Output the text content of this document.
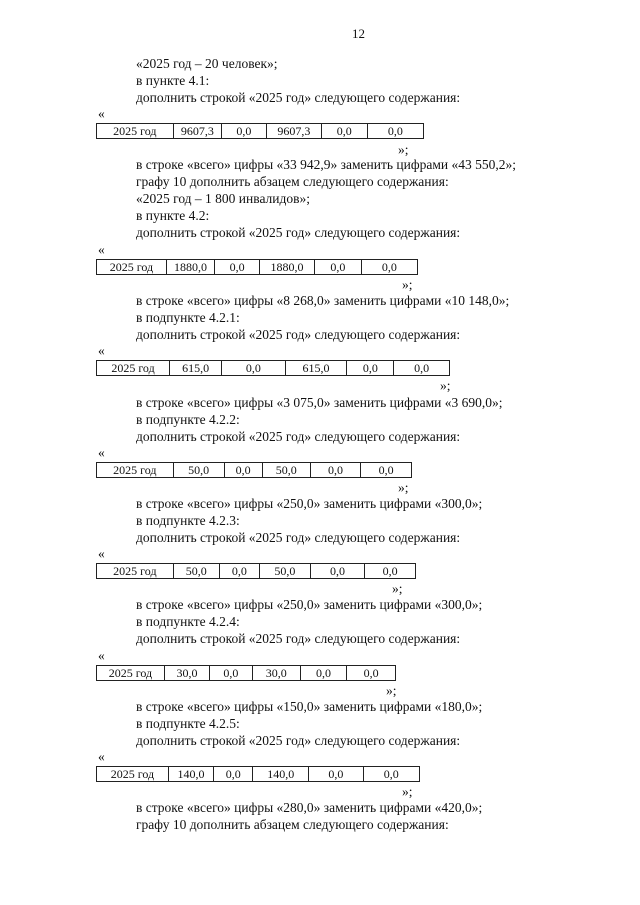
12
«2025 год – 20 человек»;
в пункте 4.1:
дополнить строкой «2025 год» следующего содержания:
«
2025 год	9607,3	0,0	9607,3	0,0	0,0
»;
в строке «всего» цифры «33 942,9» заменить цифрами «43 550,2»;
графу 10 дополнить абзацем следующего содержания:
«2025 год – 1 800 инвалидов»;
в пункте 4.2:
дополнить строкой «2025 год» следующего содержания:
«
2025 год	1880,0	0,0	1880,0	0,0	0,0
»;
в строке «всего» цифры «8 268,0» заменить цифрами «10 148,0»;
в подпункте 4.2.1:
дополнить строкой «2025 год» следующего содержания:
«
2025 год	615,0	0,0	615,0	0,0	0,0
»;
в строке «всего» цифры «3 075,0» заменить цифрами «3 690,0»;
в подпункте 4.2.2:
дополнить строкой «2025 год» следующего содержания:
«
2025 год	50,0	0,0	50,0	0,0	0,0
»;
в строке «всего» цифры «250,0» заменить цифрами «300,0»;
в подпункте 4.2.3:
дополнить строкой «2025 год» следующего содержания:
«
2025 год	50,0	0,0	50,0	0,0	0,0
»;
в строке «всего» цифры «250,0» заменить цифрами «300,0»;
в подпункте 4.2.4:
дополнить строкой «2025 год» следующего содержания:
«
2025 год	30,0	0,0	30,0	0,0	0,0
»;
в строке «всего» цифры «150,0» заменить цифрами «180,0»;
в подпункте 4.2.5:
дополнить строкой «2025 год» следующего содержания:
«
2025 год	140,0	0,0	140,0	0,0	0,0
»;
в строке «всего» цифры «280,0» заменить цифрами «420,0»;
графу 10 дополнить абзацем следующего содержания:
